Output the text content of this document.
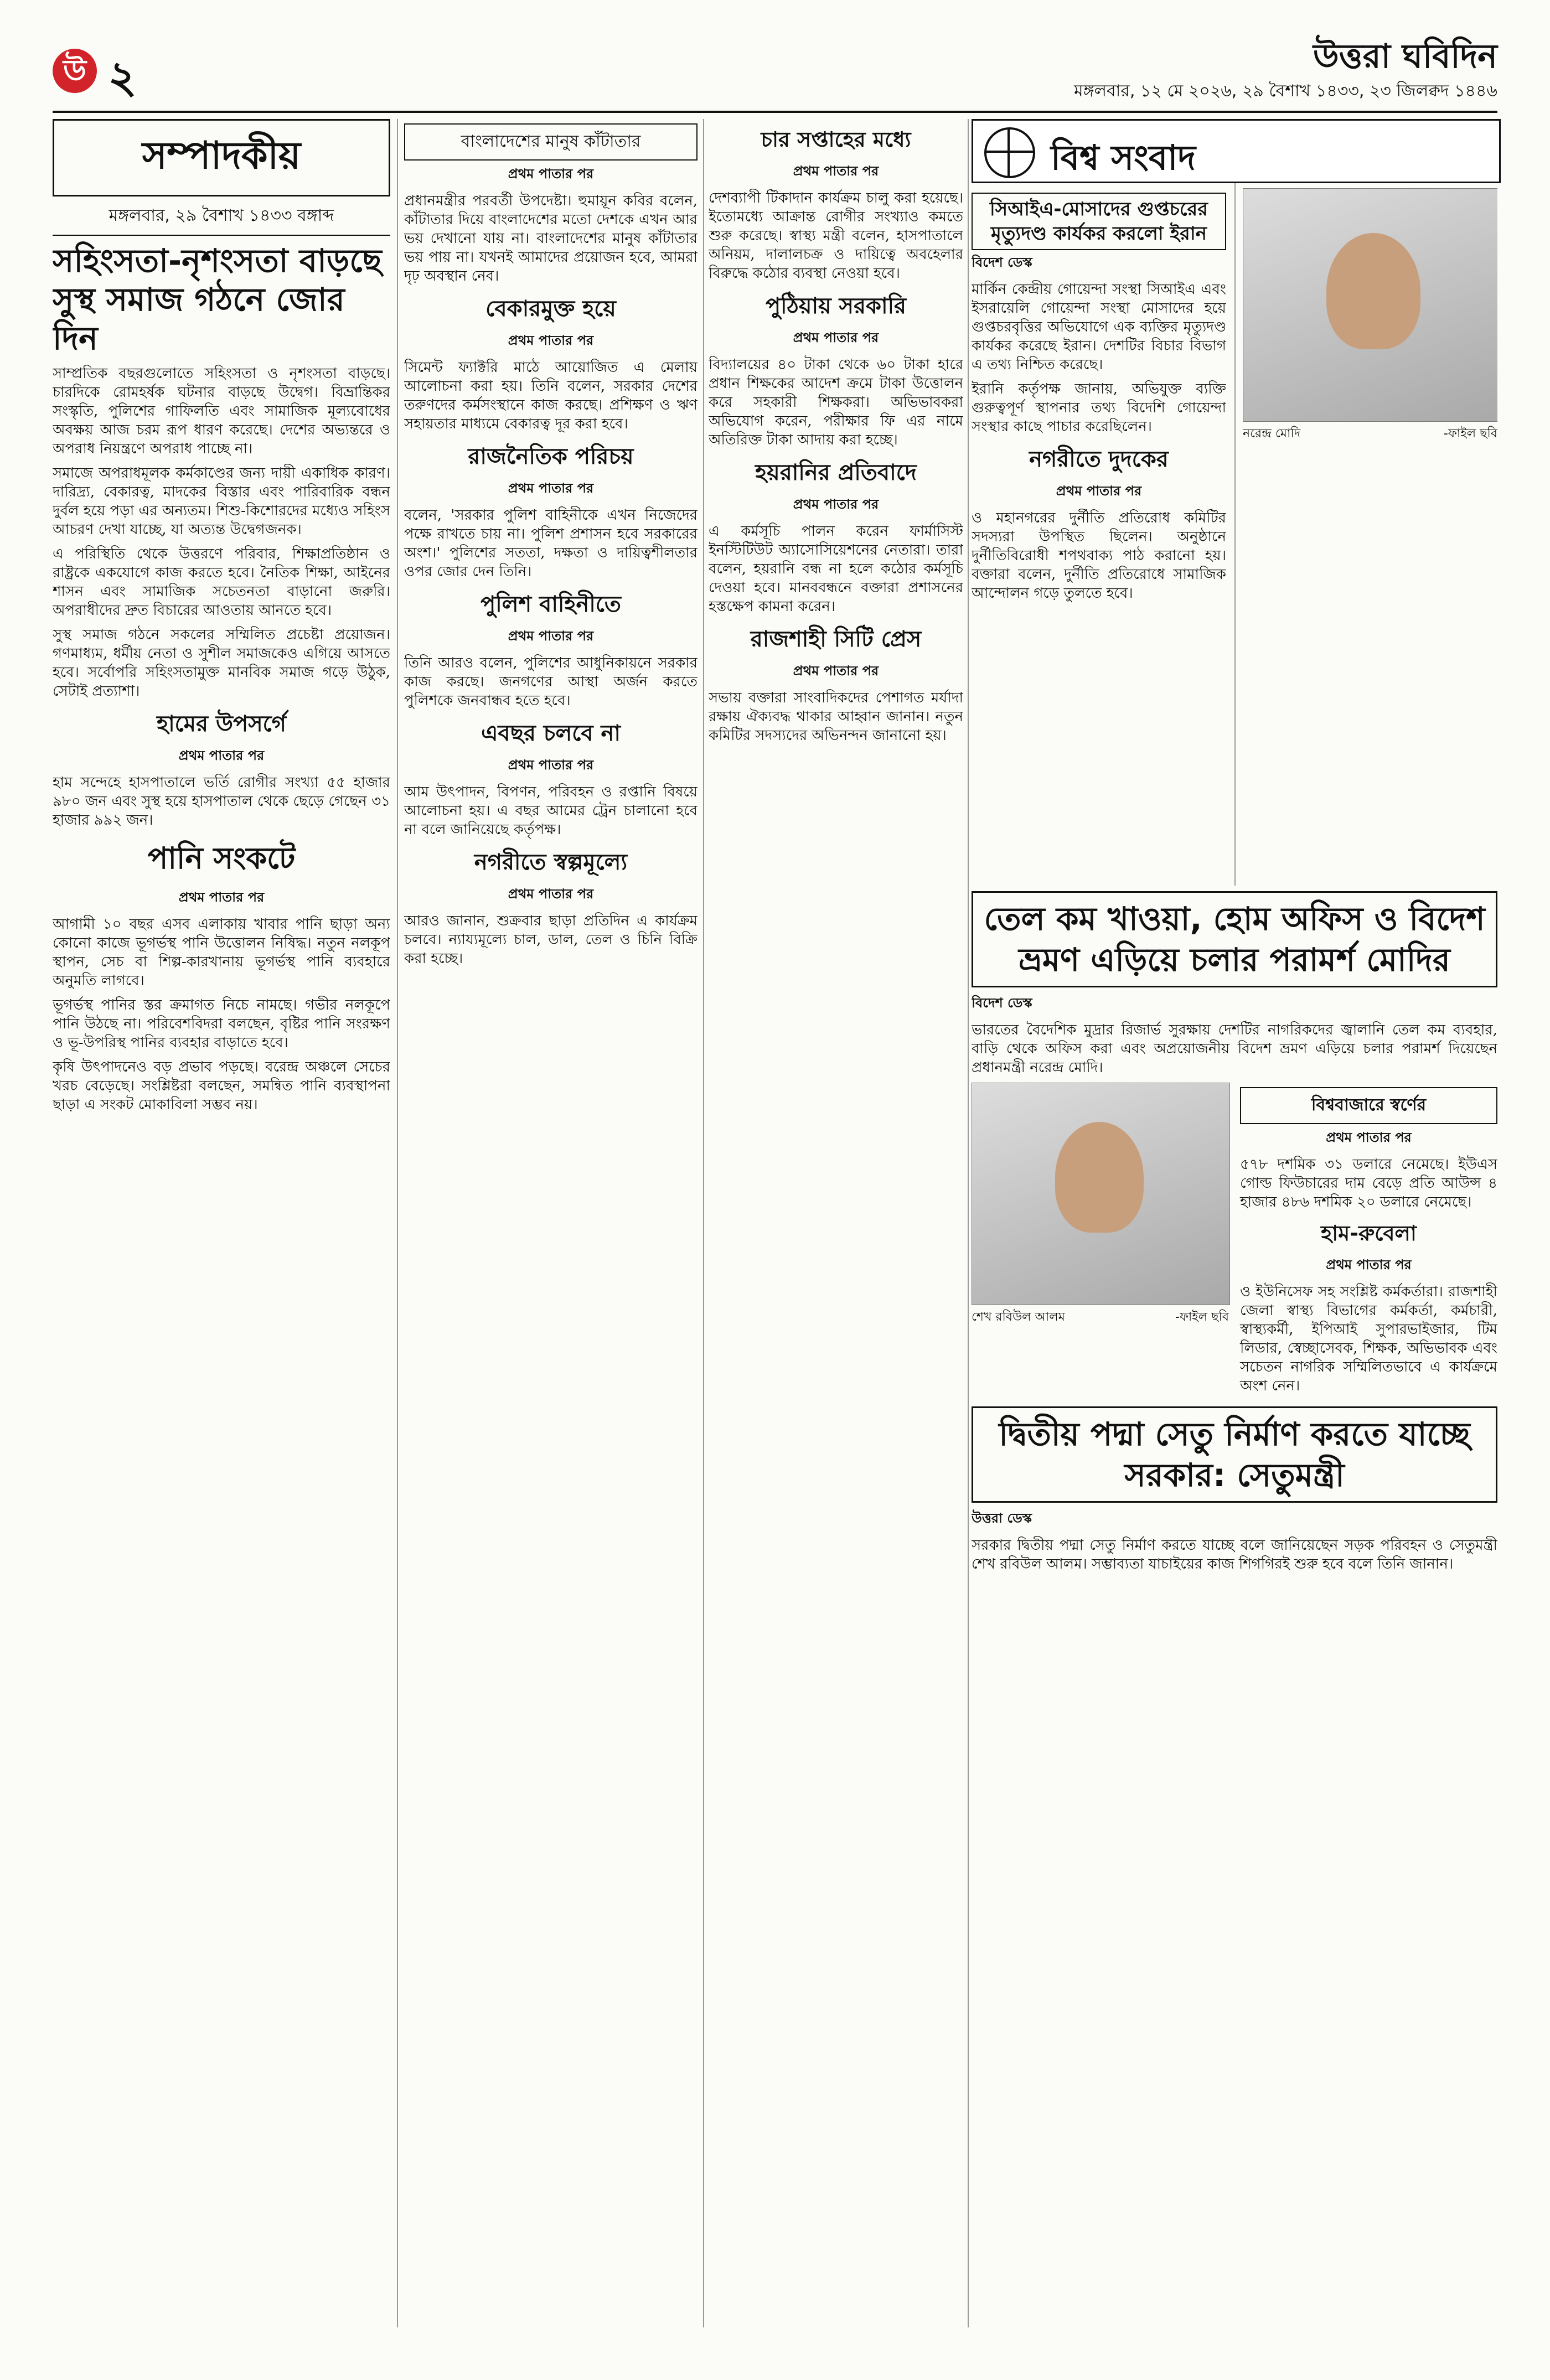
উ ২	উত্তরা ঘবিদিন
মঙ্গলবার, ১২ মে ২০২৬, ২৯ বৈশাখ ১৪৩৩, ২৩ জিলক্বদ ১৪৪৬
সম্পাদকীয়
মঙ্গলবার, ২৯ বৈশাখ ১৪৩৩ বঙ্গাব্দ
সহিংসতা-নৃশংসতা বাড়ছে সুস্থ সমাজ গঠনে জোর দিন

সাম্প্রতিক বছরগুলোতে সহিংসতা ও নৃশংসতা বাড়ছে। চারদিকে রোমহর্ষক ঘটনার বাড়ছে উদ্বেগ। বিভ্রান্তিকর সংস্কৃতি, পুলিশের গাফিলতি এবং সামাজিক মূল্যবোধের অবক্ষয় আজ চরম রূপ ধারণ করেছে। দেশের অভ্যন্তরে ও অপরাধ নিয়ন্ত্রণে অপরাধ পাচ্ছে না।

সমাজে অপরাধমূলক কর্মকাণ্ডের জন্য দায়ী একাধিক কারণ। দারিদ্র্য, বেকারত্ব, মাদকের বিস্তার এবং পারিবারিক বন্ধন দুর্বল হয়ে পড়া এর অন্যতম। শিশু-কিশোরদের মধ্যেও সহিংস আচরণ দেখা যাচ্ছে, যা অত্যন্ত উদ্বেগজনক।

এ পরিস্থিতি থেকে উত্তরণে পরিবার, শিক্ষাপ্রতিষ্ঠান ও রাষ্ট্রকে একযোগে কাজ করতে হবে। নৈতিক শিক্ষা, আইনের শাসন এবং সামাজিক সচেতনতা বাড়ানো জরুরি। অপরাধীদের দ্রুত বিচারের আওতায় আনতে হবে।

সুস্থ সমাজ গঠনে সকলের সম্মিলিত প্রচেষ্টা প্রয়োজন। গণমাধ্যম, ধর্মীয় নেতা ও সুশীল সমাজকেও এগিয়ে আসতে হবে। সর্বোপরি সহিংসতামুক্ত মানবিক সমাজ গড়ে উঠুক, সেটাই প্রত্যাশা।

হামের উপসর্গে
প্রথম পাতার পর

হাম সন্দেহে হাসপাতালে ভর্তি রোগীর সংখ্যা ৫৫ হাজার ৯৮০ জন এবং সুস্থ হয়ে হাসপাতাল থেকে ছেড়ে গেছেন ৩১ হাজার ৯৯২ জন।

পানি সংকটে
প্রথম পাতার পর

আগামী ১০ বছর এসব এলাকায় খাবার পানি ছাড়া অন্য কোনো কাজে ভূগর্ভস্থ পানি উত্তোলন নিষিদ্ধ। নতুন নলকূপ স্থাপন, সেচ বা শিল্প-কারখানায় ভূগর্ভস্থ পানি ব্যবহারে অনুমতি লাগবে।

ভূগর্ভস্থ পানির স্তর ক্রমাগত নিচে নামছে। গভীর নলকূপে পানি উঠছে না। পরিবেশবিদরা বলছেন, বৃষ্টির পানি সংরক্ষণ ও ভূ-উপরিস্থ পানির ব্যবহার বাড়াতে হবে।

কৃষি উৎপাদনেও বড় প্রভাব পড়ছে। বরেন্দ্র অঞ্চলে সেচের খরচ বেড়েছে। সংশ্লিষ্টরা বলছেন, সমন্বিত পানি ব্যবস্থাপনা ছাড়া এ সংকট মোকাবিলা সম্ভব নয়।

বাংলাদেশের মানুষ কাঁটাতার
প্রথম পাতার পর

প্রধানমন্ত্রীর পরবর্তী উপদেষ্টা। হুমায়ূন কবির বলেন, কাঁটাতার দিয়ে বাংলাদেশের মতো দেশকে এখন আর ভয় দেখানো যায় না। বাংলাদেশের মানুষ কাঁটাতার ভয় পায় না। যখনই আমাদের প্রয়োজন হবে, আমরা দৃঢ় অবস্থান নেব।

বেকারমুক্ত হয়ে
প্রথম পাতার পর

সিমেন্ট ফ্যাক্টরি মাঠে আয়োজিত এ মেলায় আলোচনা করা হয়। তিনি বলেন, সরকার দেশের তরুণদের কর্মসংস্থানে কাজ করছে। প্রশিক্ষণ ও ঋণ সহায়তার মাধ্যমে বেকারত্ব দূর করা হবে।

রাজনৈতিক পরিচয়
প্রথম পাতার পর

বলেন, 'সরকার পুলিশ বাহিনীকে এখন নিজেদের পক্ষে রাখতে চায় না। পুলিশ প্রশাসন হবে সরকারের অংশ।' পুলিশের সততা, দক্ষতা ও দায়িত্বশীলতার ওপর জোর দেন তিনি।

পুলিশ বাহিনীতে
প্রথম পাতার পর

তিনি আরও বলেন, পুলিশের আধুনিকায়নে সরকার কাজ করছে। জনগণের আস্থা অর্জন করতে পুলিশকে জনবান্ধব হতে হবে।

এবছর চলবে না
প্রথম পাতার পর

আম উৎপাদন, বিপণন, পরিবহন ও রপ্তানি বিষয়ে আলোচনা হয়। এ বছর আমের ট্রেন চালানো হবে না বলে জানিয়েছে কর্তৃপক্ষ।

নগরীতে স্বল্পমূল্যে
প্রথম পাতার পর

আরও জানান, শুক্রবার ছাড়া প্রতিদিন এ কার্যক্রম চলবে। ন্যায্যমূল্যে চাল, ডাল, তেল ও চিনি বিক্রি করা হচ্ছে।

চার সপ্তাহের মধ্যে
প্রথম পাতার পর

দেশব্যাপী টিকাদান কার্যক্রম চালু করা হয়েছে। ইতোমধ্যে আক্রান্ত রোগীর সংখ্যাও কমতে শুরু করেছে। স্বাস্থ্য মন্ত্রী বলেন, হাসপাতালে অনিয়ম, দালালচক্র ও দায়িত্বে অবহেলার বিরুদ্ধে কঠোর ব্যবস্থা নেওয়া হবে।

পুঠিয়ায় সরকারি
প্রথম পাতার পর

বিদ্যালয়ের ৪০ টাকা থেকে ৬০ টাকা হারে প্রধান শিক্ষকের আদেশ ক্রমে টাকা উত্তোলন করে সহকারী শিক্ষকরা। অভিভাবকরা অভিযোগ করেন, পরীক্ষার ফি এর নামে অতিরিক্ত টাকা আদায় করা হচ্ছে।

হয়রানির প্রতিবাদে
প্রথম পাতার পর

এ কর্মসূচি পালন করেন ফার্মাসিস্ট ইনস্টিটিউট অ্যাসোসিয়েশনের নেতারা। তারা বলেন, হয়রানি বন্ধ না হলে কঠোর কর্মসূচি দেওয়া হবে। মানববন্ধনে বক্তারা প্রশাসনের হস্তক্ষেপ কামনা করেন।

রাজশাহী সিটি প্রেস
প্রথম পাতার পর

সভায় বক্তারা সাংবাদিকদের পেশাগত মর্যাদা রক্ষায় ঐক্যবদ্ধ থাকার আহ্বান জানান। নতুন কমিটির সদস্যদের অভিনন্দন জানানো হয়।

বিশ্ব সংবাদ
সিআইএ-মোসাদের গুপ্তচরের মৃত্যুদণ্ড কার্যকর করলো ইরান
বিদেশ ডেস্ক

মার্কিন কেন্দ্রীয় গোয়েন্দা সংস্থা সিআইএ এবং ইসরায়েলি গোয়েন্দা সংস্থা মোসাদের হয়ে গুপ্তচরবৃত্তির অভিযোগে এক ব্যক্তির মৃত্যুদণ্ড কার্যকর করেছে ইরান। দেশটির বিচার বিভাগ এ তথ্য নিশ্চিত করেছে।

ইরানি কর্তৃপক্ষ জানায়, অভিযুক্ত ব্যক্তি গুরুত্বপূর্ণ স্থাপনার তথ্য বিদেশি গোয়েন্দা সংস্থার কাছে পাচার করেছিলেন।

নগরীতে দুদকের
প্রথম পাতার পর

ও মহানগরের দুর্নীতি প্রতিরোধ কমিটির সদস্যরা উপস্থিত ছিলেন। অনুষ্ঠানে দুর্নীতিবিরোধী শপথবাক্য পাঠ করানো হয়। বক্তারা বলেন, দুর্নীতি প্রতিরোধে সামাজিক আন্দোলন গড়ে তুলতে হবে।

নরেন্দ্র মোদি	-ফাইল ছবি
তেল কম খাওয়া, হোম অফিস ও বিদেশ ভ্রমণ এড়িয়ে চলার পরামর্শ মোদির
বিদেশ ডেস্ক

ভারতের বৈদেশিক মুদ্রার রিজার্ভ সুরক্ষায় দেশটির নাগরিকদের জ্বালানি তেল কম ব্যবহার, বাড়ি থেকে অফিস করা এবং অপ্রয়োজনীয় বিদেশ ভ্রমণ এড়িয়ে চলার পরামর্শ দিয়েছেন প্রধানমন্ত্রী নরেন্দ্র মোদি।

শেখ রবিউল আলম	-ফাইল ছবি
বিশ্ববাজারে স্বর্ণের
প্রথম পাতার পর

৫৭৮ দশমিক ৩১ ডলারে নেমেছে। ইউএস গোল্ড ফিউচারের দাম বেড়ে প্রতি আউন্স ৪ হাজার ৪৮৬ দশমিক ২০ ডলারে নেমেছে।

হাম-রুবেলা
প্রথম পাতার পর

ও ইউনিসেফ সহ সংশ্লিষ্ট কর্মকর্তারা। রাজশাহী জেলা স্বাস্থ্য বিভাগের কর্মকর্তা, কর্মচারী, স্বাস্থ্যকর্মী, ইপিআই সুপারভাইজার, টিম লিডার, স্বেচ্ছাসেবক, শিক্ষক, অভিভাবক এবং সচেতন নাগরিক সম্মিলিতভাবে এ কার্যক্রমে অংশ নেন।

দ্বিতীয় পদ্মা সেতু নির্মাণ করতে যাচ্ছে সরকার: সেতুমন্ত্রী
উত্তরা ডেস্ক

সরকার দ্বিতীয় পদ্মা সেতু নির্মাণ করতে যাচ্ছে বলে জানিয়েছেন সড়ক পরিবহন ও সেতুমন্ত্রী শেখ রবিউল আলম। সম্ভাব্যতা যাচাইয়ের কাজ শিগগিরই শুরু হবে বলে তিনি জানান।
